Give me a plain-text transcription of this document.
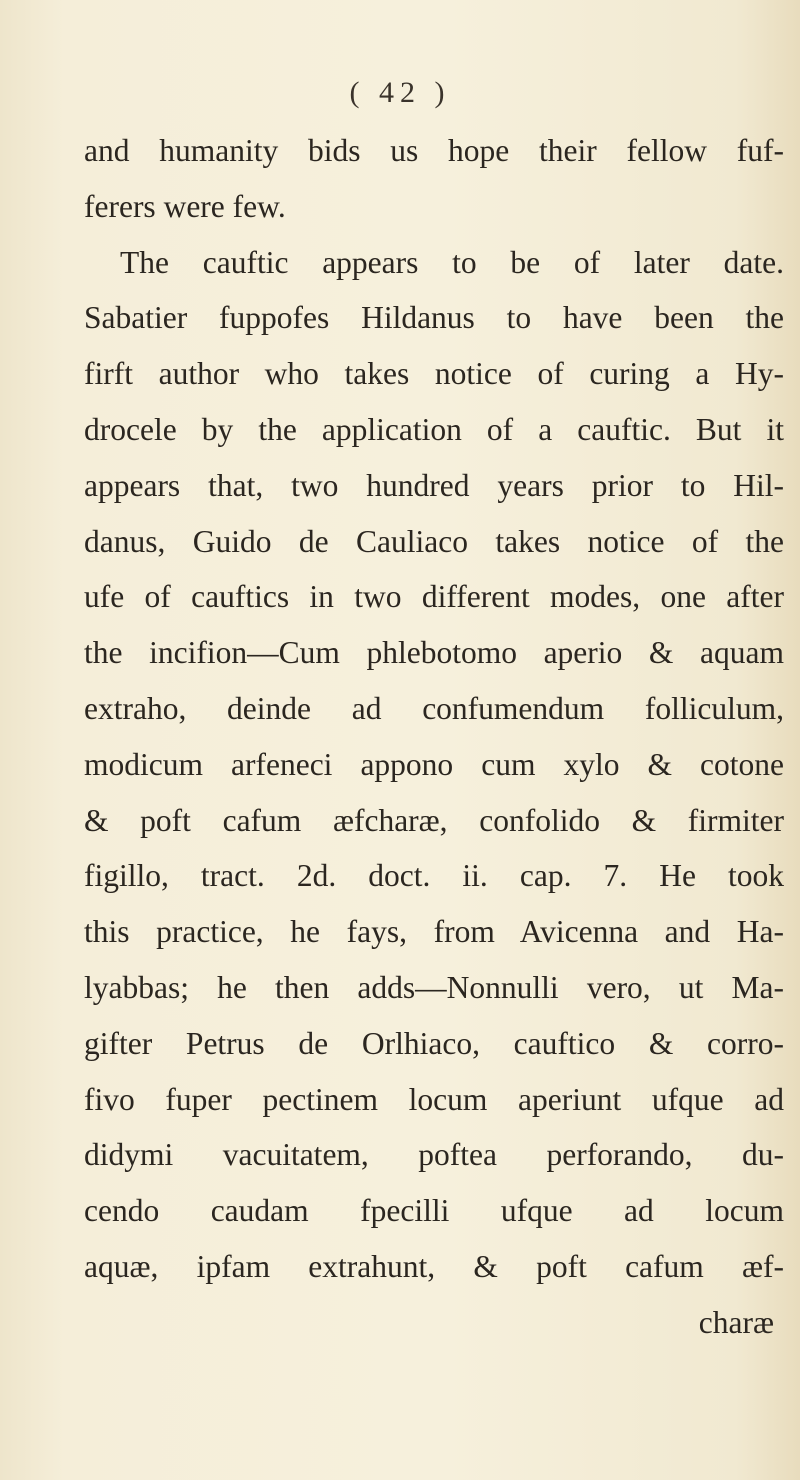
( 42 )
and humanity bids us hope their fellow fuf-
ferers were few.
The cauftic appears to be of later date.
Sabatier fuppofes Hildanus to have been the
firft author who takes notice of curing a Hy-
drocele by the application of a cauftic. But it
appears that, two hundred years prior to Hil-
danus, Guido de Cauliaco takes notice of the
ufe of cauftics in two different modes, one after
the incifion—Cum phlebotomo aperio & aquam
extraho, deinde ad confumendum folliculum,
modicum arfeneci appono cum xylo & cotone
& poft cafum æfcharæ, confolido & firmiter
figillo, tract. 2d. doct. ii. cap. 7. He took
this practice, he fays, from Avicenna and Ha-
lyabbas; he then adds—Nonnulli vero, ut Ma-
gifter Petrus de Orlhiaco, cauftico & corro-
fivo fuper pectinem locum aperiunt ufque ad
didymi vacuitatem, poftea perforando, du-
cendo caudam fpecilli ufque ad locum
aquæ, ipfam extrahunt, & poft cafum æf-
charæ
